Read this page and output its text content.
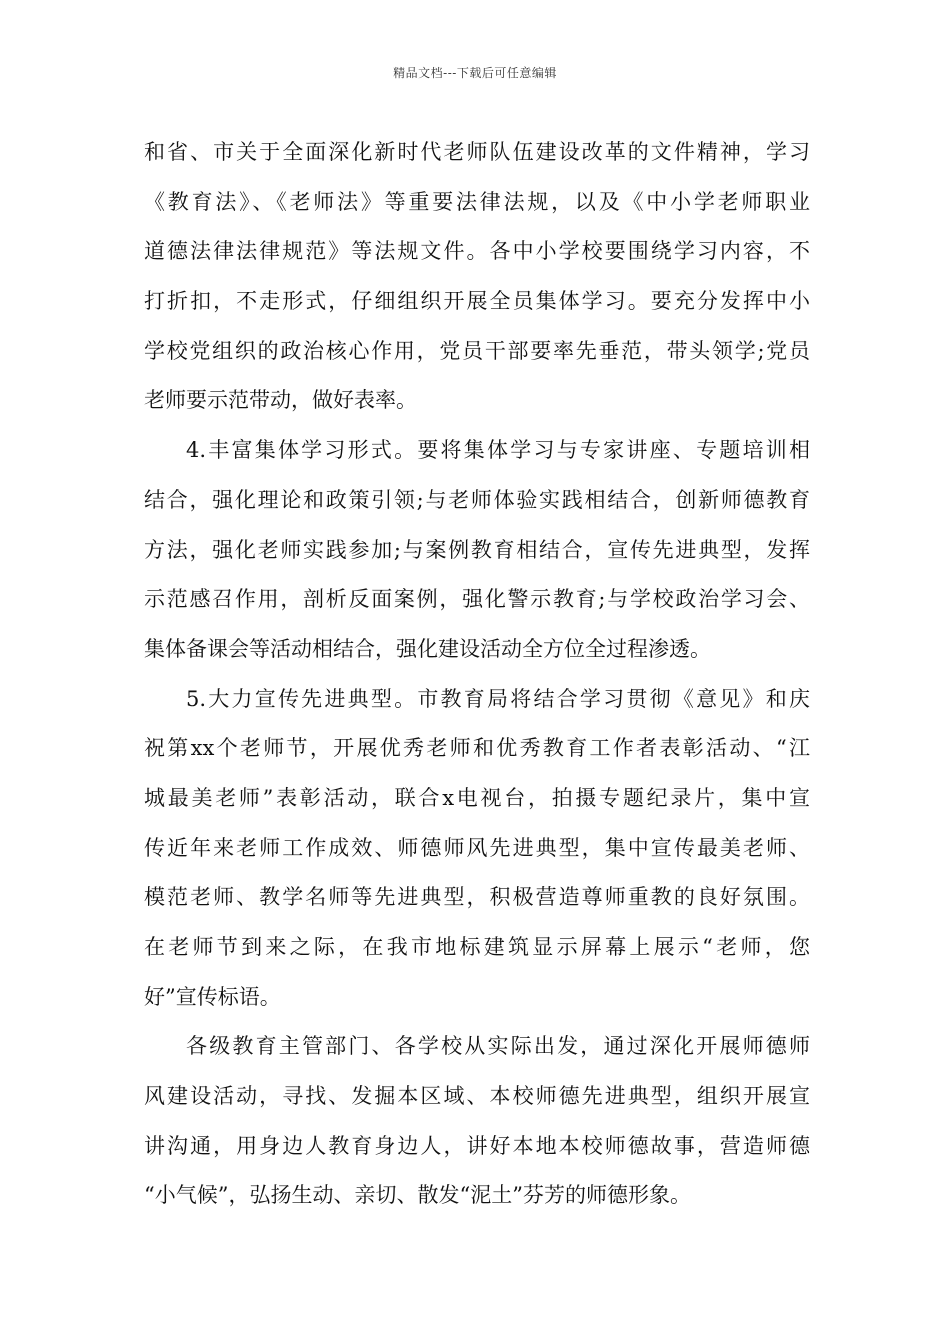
精品文档---下载后可任意编辑

和省、市关于全面深化新时代老师队伍建设改革的文件精神，学习
《教育法》、《老师法》等重要法律法规，以及《中小学老师职业
道德法律法律规范》等法规文件。各中小学校要围绕学习内容，不
打折扣，不走形式，仔细组织开展全员集体学习。要充分发挥中小
学校党组织的政治核心作用，党员干部要率先垂范，带头领学;党员
老师要示范带动，做好表率。

4.丰富集体学习形式。要将集体学习与专家讲座、专题培训相
结合，强化理论和政策引领;与老师体验实践相结合，创新师德教育
方法，强化老师实践参加;与案例教育相结合，宣传先进典型，发挥
示范感召作用，剖析反面案例，强化警示教育;与学校政治学习会、
集体备课会等活动相结合，强化建设活动全方位全过程渗透。

5.大力宣传先进典型。市教育局将结合学习贯彻《意见》和庆
祝第xx个老师节，开展优秀老师和优秀教育工作者表彰活动、“江
城最美老师”表彰活动，联合x电视台，拍摄专题纪录片，集中宣
传近年来老师工作成效、师德师风先进典型，集中宣传最美老师、
模范老师、教学名师等先进典型，积极营造尊师重教的良好氛围。
在老师节到来之际，在我市地标建筑显示屏幕上展示“老师，您
好”宣传标语。

各级教育主管部门、各学校从实际出发，通过深化开展师德师
风建设活动，寻找、发掘本区域、本校师德先进典型，组织开展宣
讲沟通，用身边人教育身边人，讲好本地本校师德故事，营造师德
“小气候”，弘扬生动、亲切、散发“泥土”芬芳的师德形象。
